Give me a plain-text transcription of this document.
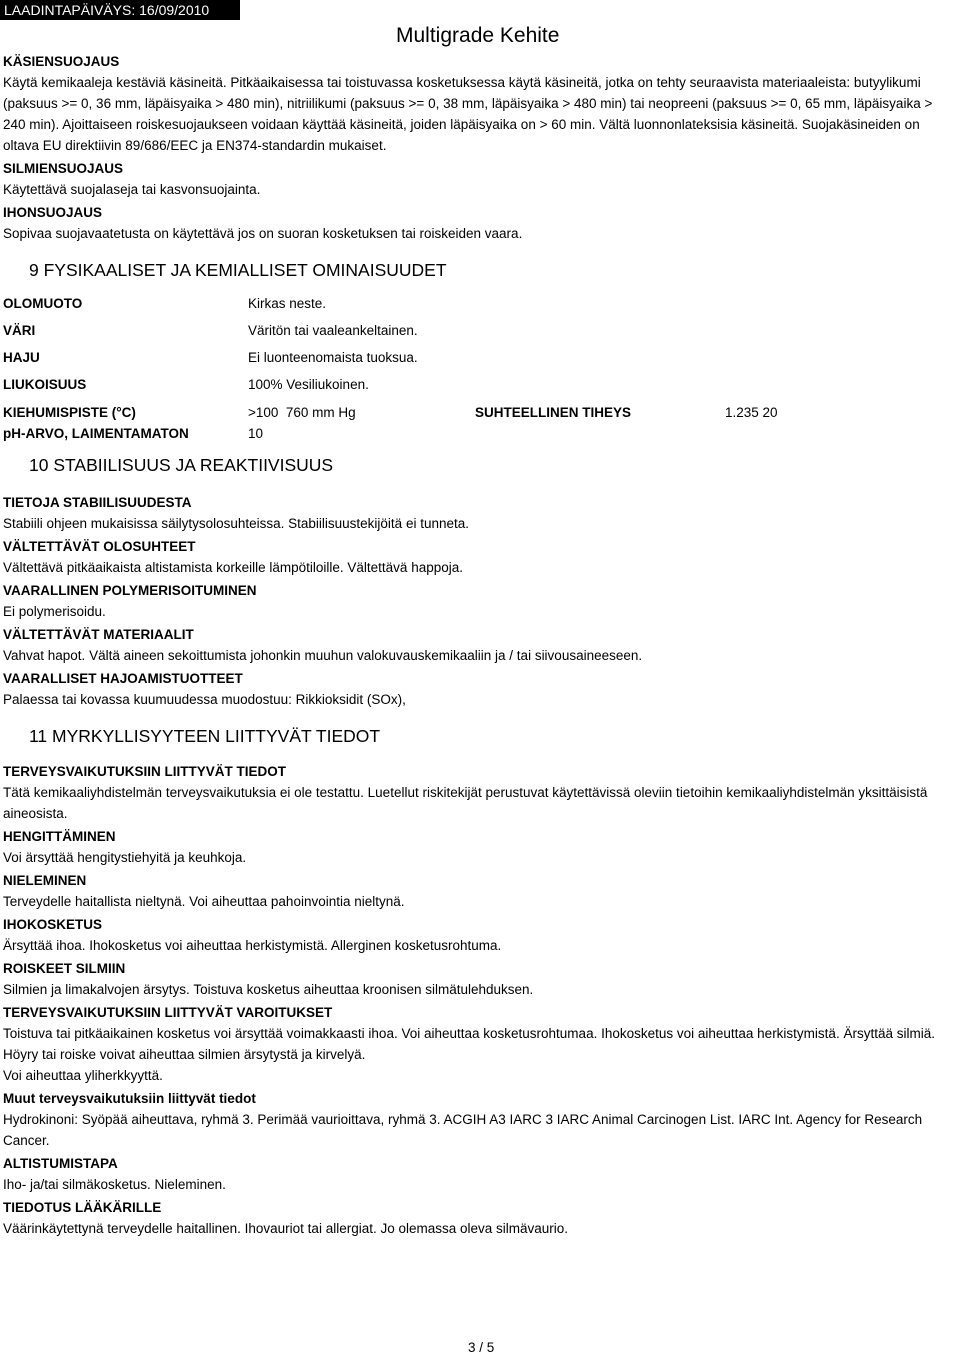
LAADINTAPÄIVÄYS: 16/09/2010
Multigrade Kehite
KÄSIENSUOJAUS
Käytä kemikaaleja kestäviä käsineitä. Pitkäaikaisessa tai toistuvassa kosketuksessa käytä käsineitä, jotka on tehty seuraavista materiaaleista: butyylikumi (paksuus >= 0, 36 mm, läpäisyaika > 480 min), nitriilikumi (paksuus >= 0, 38 mm, läpäisyaika > 480 min) tai neopreeni (paksuus >= 0, 65 mm, läpäisyaika > 240 min). Ajoittaiseen roiskesuojaukseen voidaan käyttää käsineitä, joiden läpäisyaika on > 60 min. Vältä luonnonlateksisia käsineitä. Suojakäsineiden on oltava EU direktiivin 89/686/EEC ja EN374-standardin mukaiset.
SILMIENSUOJAUS
Käytettävä suojalaseja tai kasvonsuojainta.
IHONSUOJAUS
Sopivaa suojavaatetusta on käytettävä jos on suoran kosketuksen tai roiskeiden vaara.
9 FYSIKAALISET JA KEMIALLISET OMINAISUUDET
OLOMUOTO	Kirkas neste.
VÄRI	Väritön tai vaaleankeltainen.
HAJU	Ei luonteenomaista tuoksua.
LIUKOISUUS	100% Vesiliukoinen.
KIEHUMISPISTE (°C)	>100  760 mm Hg	SUHTEELLINEN TIHEYS	1.235 20
pH-ARVO, LAIMENTAMATON	10
10 STABIILISUUS JA REAKTIIVISUUS
TIETOJA STABIILISUUDESTA
Stabiili ohjeen mukaisissa säilytysolosuhteissa. Stabiilisuustekijöitä ei tunneta.
VÄLTETTÄVÄT OLOSUHTEET
Vältettävä pitkäaikaista altistamista korkeille lämpötiloille. Vältettävä happoja.
VAARALLINEN POLYMERISOITUMINEN
Ei polymerisoidu.
VÄLTETTÄVÄT MATERIAALIT
Vahvat hapot. Vältä aineen sekoittumista johonkin muuhun valokuvauskemikaaliin ja / tai siivousaineeseen.
VAARALLISET HAJOAMISTUOTTEET
Palaessa tai kovassa kuumuudessa muodostuu: Rikkioksidit (SOx),
11 MYRKYLLISYYTEEN LIITTYVÄT TIEDOT
TERVEYSVAIKUTUKSIIN LIITTYVÄT TIEDOT
Tätä kemikaaliyhdistelmän terveysvaikutuksia ei ole testattu. Luetellut riskitekijät perustuvat käytettävissä oleviin tietoihin kemikaaliyhdistelmän yksittäisistä aineosista.
HENGITTÄMINEN
Voi ärsyttää hengitystiehyitä ja keuhkoja.
NIELEMINEN
Terveydelle haitallista nieltynä. Voi aiheuttaa pahoinvointia nieltynä.
IHOKOSKETUS
Ärsyttää ihoa. Ihokosketus voi aiheuttaa herkistymistä. Allerginen kosketusrohtuma.
ROISKEET SILMIIN
Silmien ja limakalvojen ärsytys. Toistuva kosketus aiheuttaa kroonisen silmätulehduksen.
TERVEYSVAIKUTUKSIIN LIITTYVÄT VAROITUKSET
Toistuva tai pitkäaikainen kosketus voi ärsyttää voimakkaasti ihoa. Voi aiheuttaa kosketusrohtumaa. Ihokosketus voi aiheuttaa herkistymistä. Ärsyttää silmiä.
Höyry tai roiske voivat aiheuttaa silmien ärsytystä ja kirvelyä.
Voi aiheuttaa yliherkkyyttä.
Muut terveysvaikutuksiin liittyvät tiedot
Hydrokinoni: Syöpää aiheuttava, ryhmä 3. Perimää vaurioittava, ryhmä 3. ACGIH A3 IARC 3 IARC Animal Carcinogen List. IARC Int. Agency for Research Cancer.
ALTISTUMISTAPA
Iho- ja/tai silmäkosketus. Nieleminen.
TIEDOTUS LÄÄKÄRILLE
Väärinkäytettynä terveydelle haitallinen. Ihovauriot tai allergiat. Jo olemassa oleva silmävaurio.
3 / 5
